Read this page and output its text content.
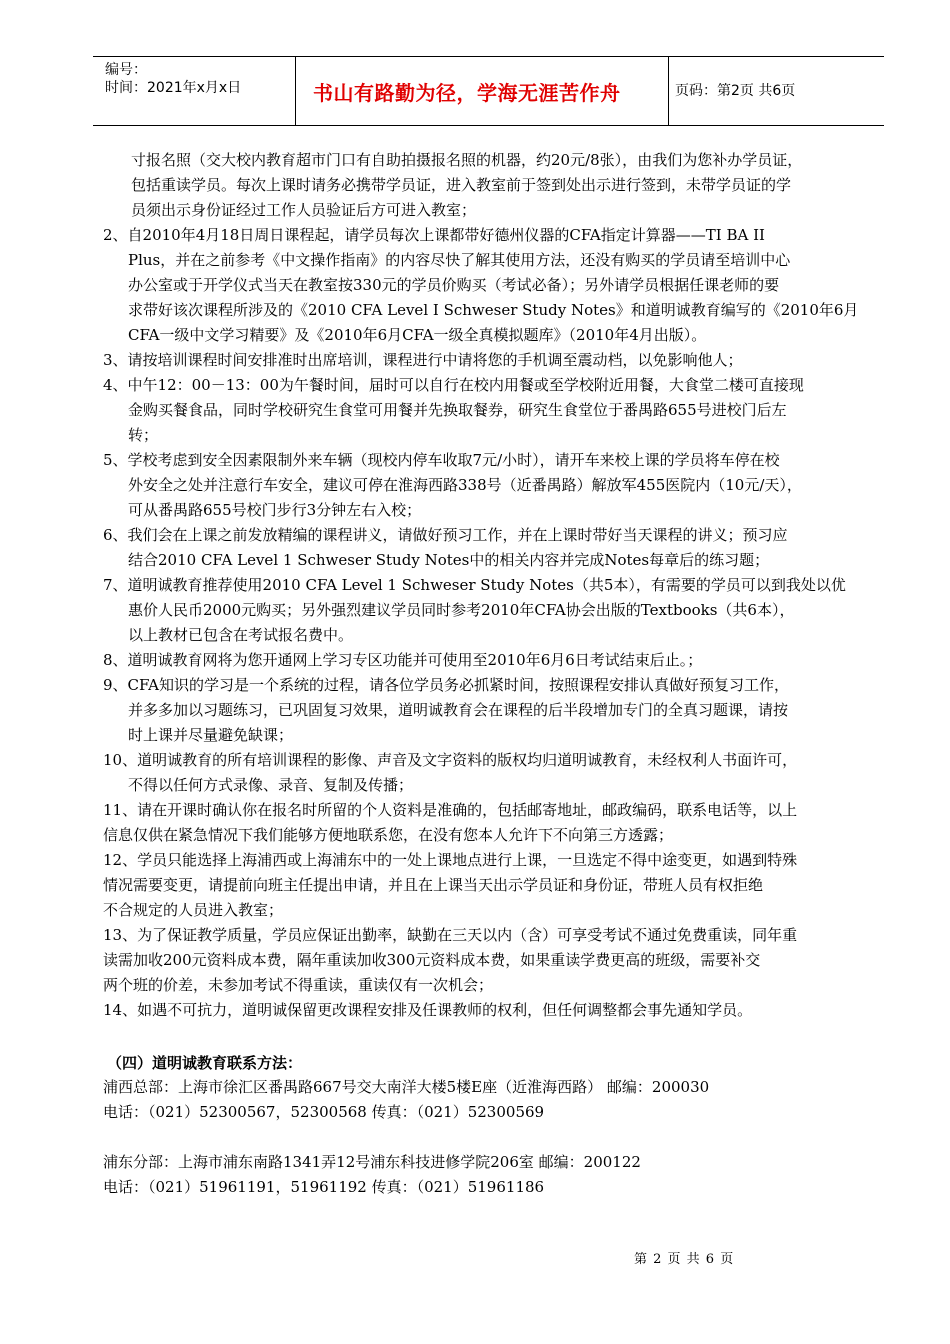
编号：
时间：2021年x月x日	书山有路勤为径，学海无涯苦作舟	页码：第2页 共6页
寸报名照（交大校内教育超市门口有自助拍摄报名照的机器，约20元/8张），由我们为您补办学员证，
包括重读学员。每次上课时请务必携带学员证，进入教室前于签到处出示进行签到，未带学员证的学
员须出示身份证经过工作人员验证后方可进入教室；
2、自2010年4月18日周日课程起，请学员每次上课都带好德州仪器的CFA指定计算器——TI BA II
Plus，并在之前参考《中文操作指南》的内容尽快了解其使用方法，还没有购买的学员请至培训中心
办公室或于开学仪式当天在教室按330元的学员价购买（考试必备）；另外请学员根据任课老师的要
求带好该次课程所涉及的《2010 CFA Level I Schweser Study Notes》和道明诚教育编写的《2010年6月
CFA一级中文学习精要》及《2010年6月CFA一级全真模拟题库》（2010年4月出版）。
3、请按培训课程时间安排准时出席培训，课程进行中请将您的手机调至震动档，以免影响他人；
4、中午12：00－13：00为午餐时间，届时可以自行在校内用餐或至学校附近用餐，大食堂二楼可直接现
金购买餐食品，同时学校研究生食堂可用餐并先换取餐券，研究生食堂位于番禺路655号进校门后左
转；
5、学校考虑到安全因素限制外来车辆（现校内停车收取7元/小时），请开车来校上课的学员将车停在校
外安全之处并注意行车安全，建议可停在淮海西路338号（近番禺路）解放军455医院内（10元/天），
可从番禺路655号校门步行3分钟左右入校；
6、我们会在上课之前发放精编的课程讲义，请做好预习工作，并在上课时带好当天课程的讲义；预习应
结合2010 CFA Level 1 Schweser Study Notes中的相关内容并完成Notes每章后的练习题；
7、道明诚教育推荐使用2010 CFA Level 1 Schweser Study Notes（共5本），有需要的学员可以到我处以优
惠价人民币2000元购买；另外强烈建议学员同时参考2010年CFA协会出版的Textbooks（共6本），
以上教材已包含在考试报名费中。
8、道明诚教育网将为您开通网上学习专区功能并可使用至2010年6月6日考试结束后止。；
9、CFA知识的学习是一个系统的过程，请各位学员务必抓紧时间，按照课程安排认真做好预复习工作，
并多多加以习题练习，已巩固复习效果，道明诚教育会在课程的后半段增加专门的全真习题课，请按
时上课并尽量避免缺课；
10、道明诚教育的所有培训课程的影像、声音及文字资料的版权均归道明诚教育，未经权利人书面许可，
不得以任何方式录像、录音、复制及传播；
11、请在开课时确认你在报名时所留的个人资料是准确的，包括邮寄地址，邮政编码，联系电话等，以上
信息仅供在紧急情况下我们能够方便地联系您，在没有您本人允许下不向第三方透露；
12、学员只能选择上海浦西或上海浦东中的一处上课地点进行上课，一旦选定不得中途变更，如遇到特殊
情况需要变更，请提前向班主任提出申请，并且在上课当天出示学员证和身份证，带班人员有权拒绝
不合规定的人员进入教室；
13、为了保证教学质量，学员应保证出勤率，缺勤在三天以内（含）可享受考试不通过免费重读，同年重
读需加收200元资料成本费，隔年重读加收300元资料成本费，如果重读学费更高的班级，需要补交
两个班的价差，未参加考试不得重读，重读仅有一次机会；
14、如遇不可抗力，道明诚保留更改课程安排及任课教师的权利，但任何调整都会事先通知学员。
（四）道明诚教育联系方法：
浦西总部：上海市徐汇区番禺路667号交大南洋大楼5楼E座（近淮海西路） 邮编：200030
电话：（021）52300567，52300568 传真：（021）52300569
浦东分部：上海市浦东南路1341弄12号浦东科技进修学院206室 邮编：200122
电话：（021）51961191，51961192 传真：（021）51961186
第 2 页 共 6 页
